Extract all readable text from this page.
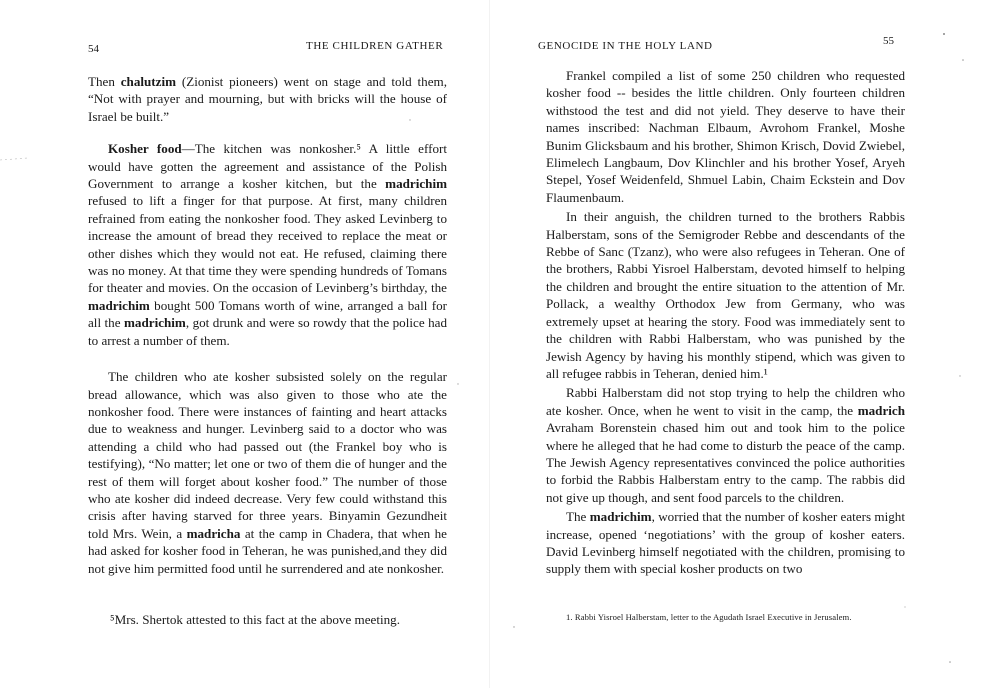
54	THE CHILDREN GATHER

Then chalutzim (Zionist pioneers) went on stage and told them, “Not with prayer and mourning, but with bricks will the house of Israel be built.”

Kosher food—The kitchen was nonkosher.⁵ A little effort would have gotten the agreement and assistance of the Polish Government to arrange a kosher kitchen, but the madrichim refused to lift a finger for that purpose. At first, many children refrained from eating the nonkosher food. They asked Levinberg to increase the amount of bread they received to replace the meat or other dishes which they would not eat. He refused, claiming there was no money. At that time they were spending hundreds of Tomans for theater and movies. On the occasion of Levinberg’s birthday, the madrichim bought 500 Tomans worth of wine, arranged a ball for all the madrichim, got drunk and were so rowdy that the police had to arrest a number of them.

The children who ate kosher subsisted solely on the regular bread allowance, which was also given to those who ate the nonkosher food. There were instances of fainting and heart attacks due to weakness and hunger. Levinberg said to a doctor who was attending a child who had passed out (the Frankel boy who is testifying), “No matter; let one or two of them die of hunger and the rest of them will forget about kosher food.” The number of those who ate kosher did indeed decrease. Very few could withstand this crisis after having starved for three years. Binyamin Gezundheit told Mrs. Wein, a madricha at the camp in Chadera, that when he had asked for kosher food in Teheran, he was punished,and they did not give him permitted food until he surrendered and ate nonkosher.

⁵Mrs. Shertok attested to this fact at the above meeting.
GENOCIDE IN THE HOLY LAND	55

Frankel compiled a list of some 250 children who requested kosher food -- besides the little children. Only fourteen children withstood the test and did not yield. They deserve to have their names inscribed: Nachman Elbaum, Avrohom Frankel, Moshe Bunim Glicksbaum and his brother, Shimon Krisch, Dovid Zwiebel, Elimelech Langbaum, Dov Klinchler and his brother Yosef, Aryeh Stepel, Yosef Weidenfeld, Shmuel Labin, Chaim Eckstein and Dov Flaumenbaum.

In their anguish, the children turned to the brothers Rabbis Halberstam, sons of the Semigroder Rebbe and descendants of the Rebbe of Sanc (Tzanz), who were also refugees in Teheran. One of the brothers, Rabbi Yisroel Halberstam, devoted himself to helping the children and brought the entire situation to the attention of Mr. Pollack, a wealthy Orthodox Jew from Germany, who was extremely upset at hearing the story. Food was immediately sent to the children with Rabbi Halberstam, who was punished by the Jewish Agency by having his monthly stipend, which was given to all refugee rabbis in Teheran, denied him.¹

Rabbi Halberstam did not stop trying to help the children who ate kosher. Once, when he went to visit in the camp, the madrich Avraham Borenstein chased him out and took him to the police where he alleged that he had come to disturb the peace of the camp. The Jewish Agency representatives convinced the police authorities to forbid the Rabbis Halberstam entry to the camp. The rabbis did not give up though, and sent food parcels to the children.

The madrichim, worried that the number of kosher eaters might increase, opened ‘negotiations’ with the group of kosher eaters. David Levinberg himself negotiated with the children, promising to supply them with special kosher products on two

1. Rabbi Yisroel Halberstam, letter to the Agudath Israel Executive in Jerusalem.
